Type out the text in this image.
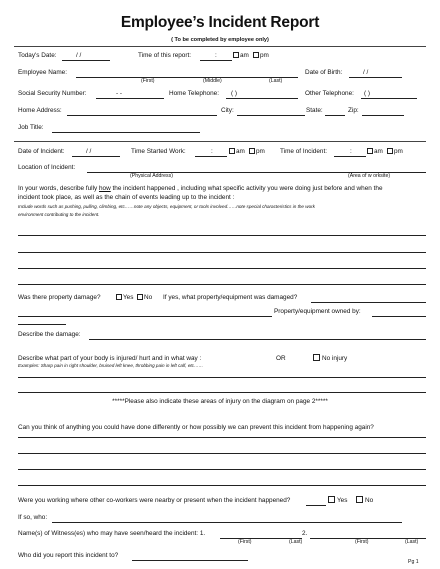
Employee’s Incident Report
( To be completed by employee only)
Today's Date:	/ /	Time of this report:	:	am	pm
Employee Name:
(First)	(Middle)	(Last)
Date of Birth:	/ /
Social Security Number:	- -	Home Telephone: ( )	Other Telephone: ( )
Home Address:	City:	State:	Zip:
Job Title:
Date of Incident:	/ /	Time Started Work:	:	am	pm Time of Incident:	:	am	pm
Location of Incident:
(Physical Address)	(Area of w orksite)
In your words, describe fully how the incident happened , including what specific activity you were doing just before and when the
incident took place, as well as the chain of events leading up to the incident :
Include words such as pushing, pulling, climbing, etc……note any objects, equipment, or tools involved……note special characteristics in the work
environment contributing to the incident.
Was there property damage?	Yes	No If yes, what property/equipment was damaged?
Property/equipment owned by:
Describe the damage:
Describe what part of your body is injured/ hurt and in what way :	OR	No injury
Examples: Sharp pain in right shoulder, bruised left knee, throbbing pain in left calf, etc……
*****Please also indicate these areas of injury on the diagram on page 2*****
Can you think of anything you could have done differently or how possibly we can prevent this incident from happening again?
Were you working where other co-workers were nearby or present when the incident happened?	Yes	No
If so, who:
Name(s) of Witness(es) who may have seen/heard the incident: 1.	2.
(First)	(Last)	(First)	(Last)
Who did you report this incident to?
Pg 1
